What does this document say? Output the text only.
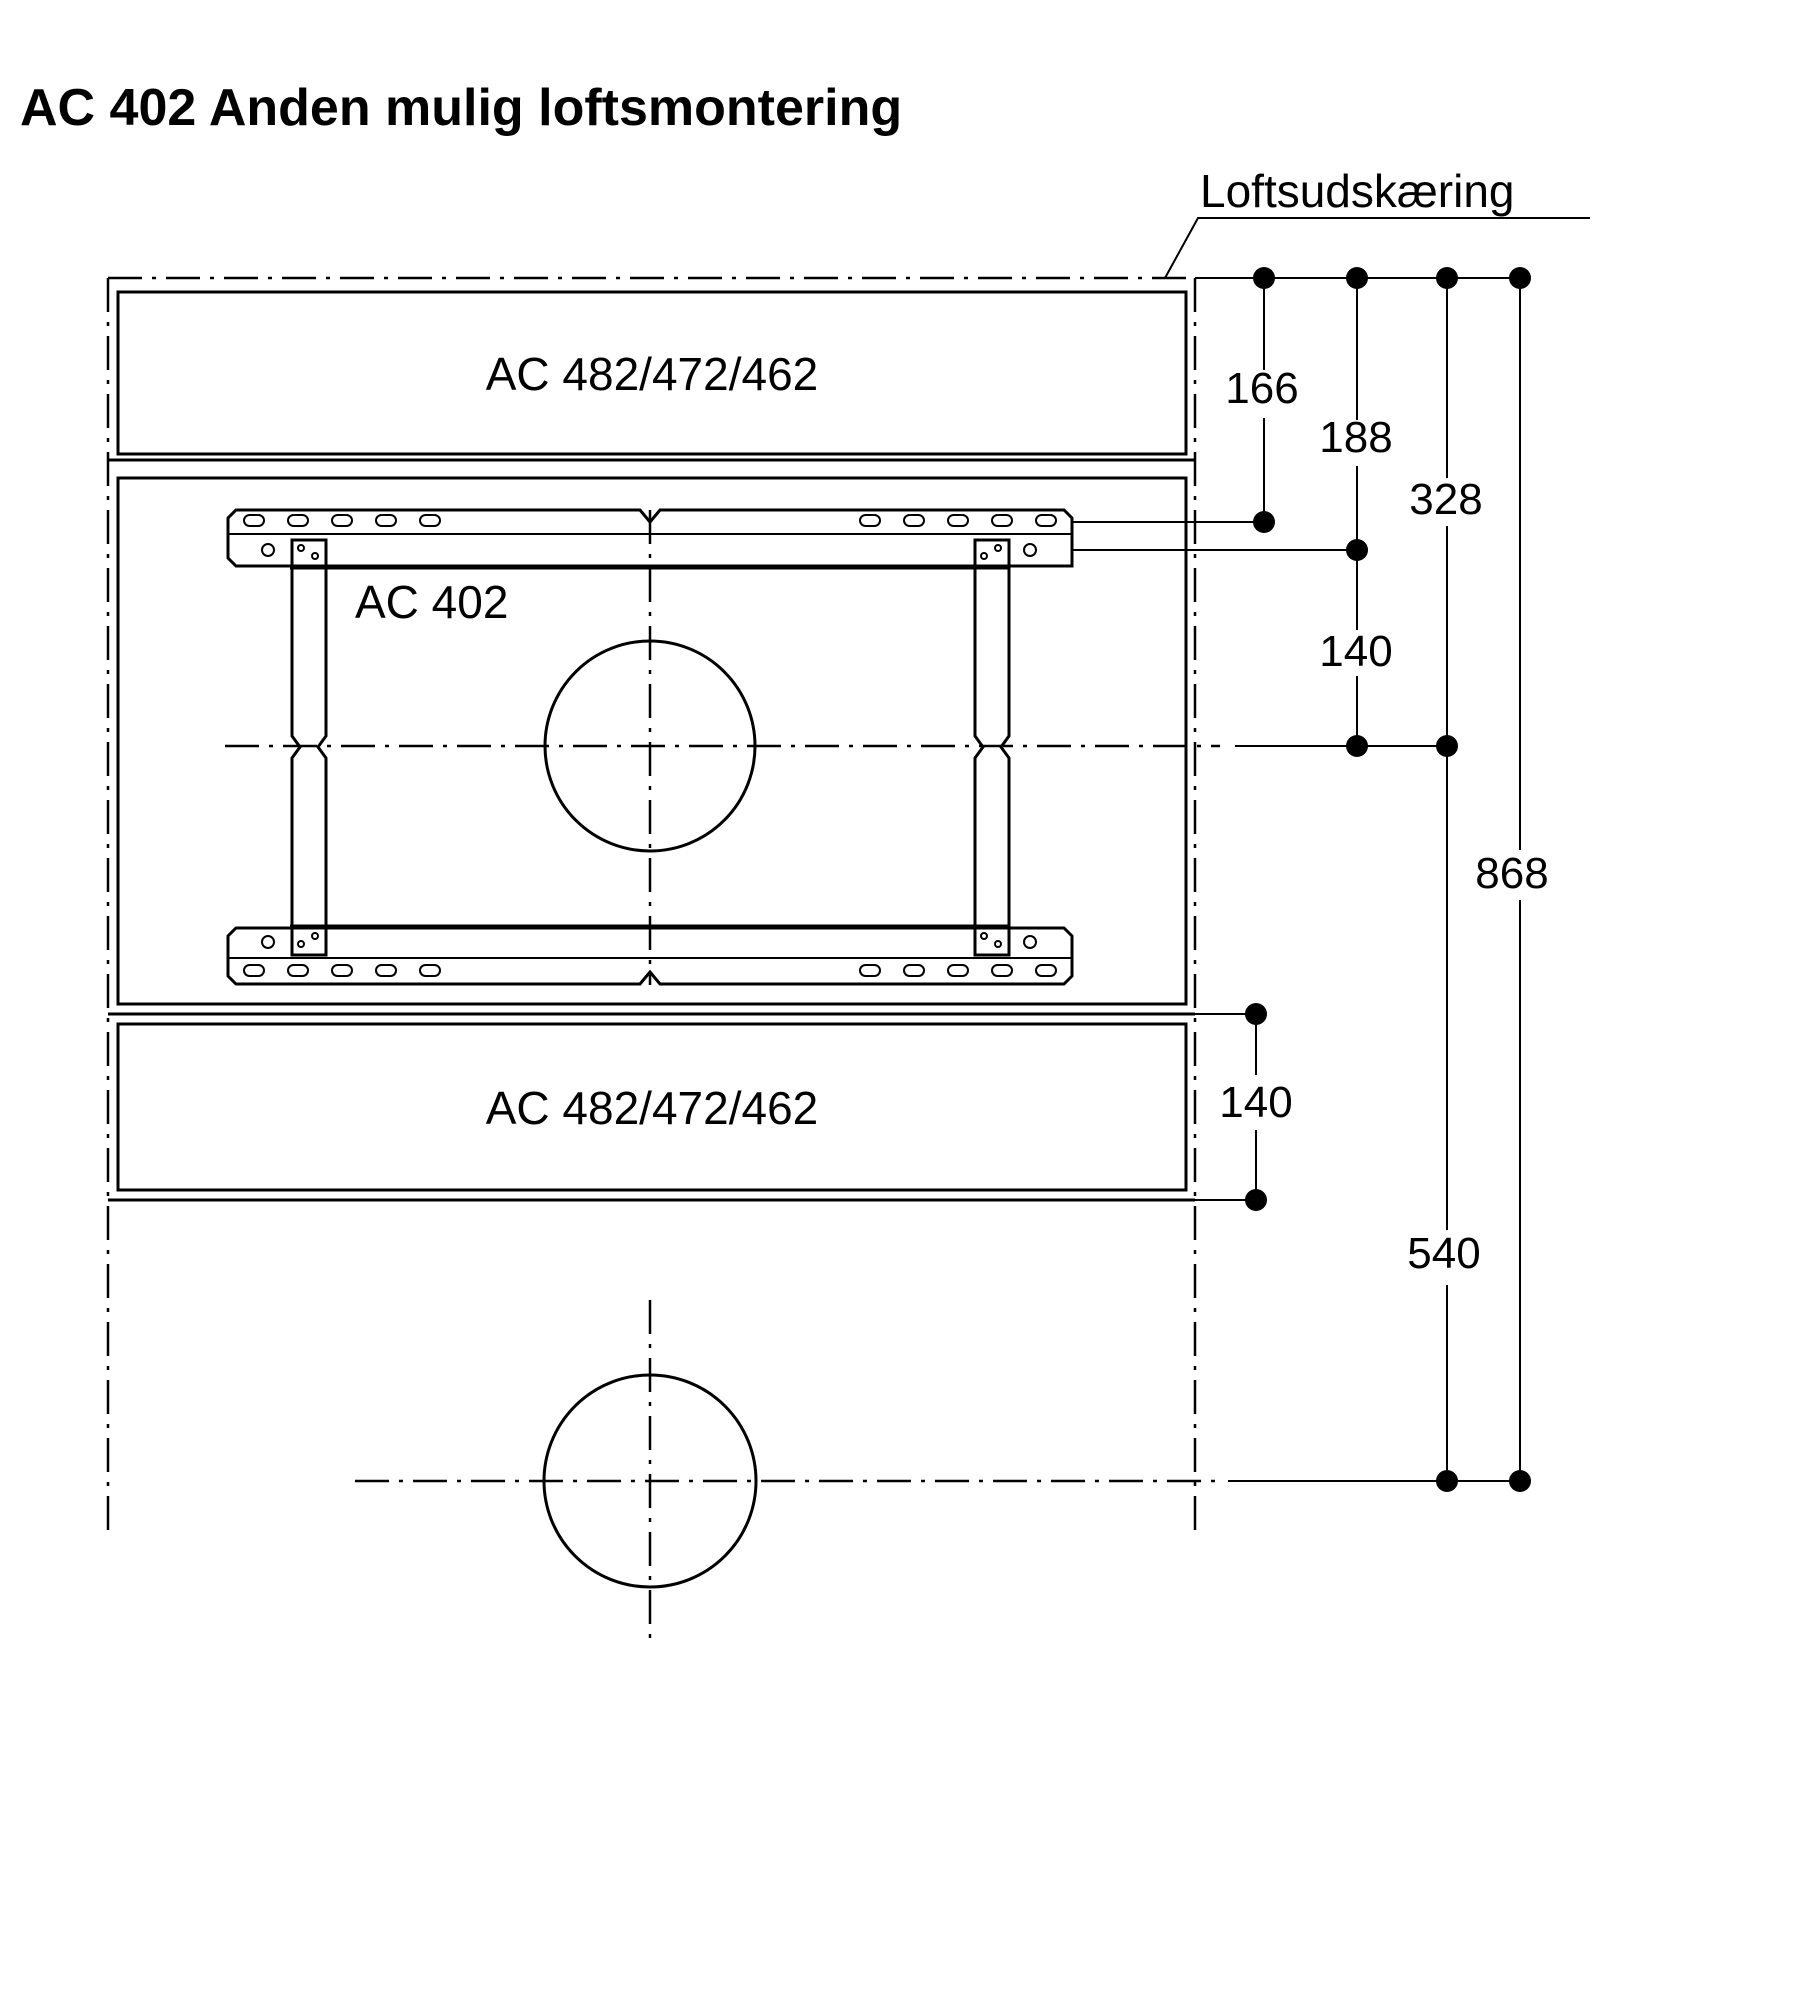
AC 402 Anden mulig loftsmontering
Loftsudskæring
AC 482/472/462
AC 402
AC 482/472/462
166
188
328
140
868
140
540
